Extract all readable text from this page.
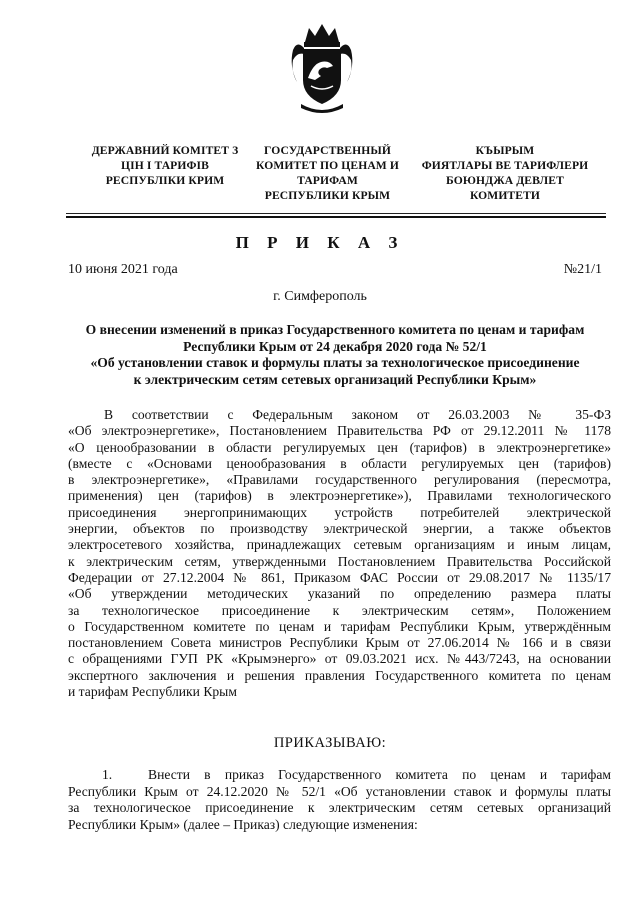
ДЕРЖАВНИЙ КОМІТЕТ З
ЦІН І ТАРИФІВ
РЕСПУБЛІКИ КРИМ
ГОСУДАРСТВЕННЫЙ
КОМИТЕТ ПО ЦЕНАМ И
ТАРИФАМ
РЕСПУБЛИКИ КРЫМ
КЪЫРЫМ
ФИЯТЛАРЫ ВЕ ТАРИФЛЕРИ
БОЮНДЖА ДЕВЛЕТ
КОМИТЕТИ
П Р И К А З
10 июня 2021 года	№21/1
г. Симферополь
О внесении изменений в приказ Государственного комитета по ценам и тарифам
Республики Крым от 24 декабря 2020 года № 52/1
«Об установлении ставок и формулы платы за технологическое присоединение
к электрическим сетям сетевых организаций Республики Крым»
В соответствии с Федеральным законом от 26.03.2003 № 35-ФЗ
«Об электроэнергетике», Постановлением Правительства РФ от 29.12.2011 № 1178
«О ценообразовании в области регулируемых цен (тарифов) в электроэнергетике»
(вместе с «Основами ценообразования в области регулируемых цен (тарифов)
в электроэнергетике», «Правилами государственного регулирования (пересмотра,
применения) цен (тарифов) в электроэнергетике»), Правилами технологического
присоединения энергопринимающих устройств потребителей электрической
энергии, объектов по производству электрической энергии, а также объектов
электросетевого хозяйства, принадлежащих сетевым организациям и иным лицам,
к электрическим сетям, утвержденными Постановлением Правительства Российской
Федерации от 27.12.2004 № 861, Приказом ФАС России от 29.08.2017 № 1135/17
«Об утверждении методических указаний по определению размера платы
за технологическое присоединение к электрическим сетям», Положением
о Государственном комитете по ценам и тарифам Республики Крым, утверждённым
постановлением Совета министров Республики Крым от 27.06.2014 № 166 и в связи
с обращениями ГУП РК «Крымэнерго» от 09.03.2021 исх. №443/7243, на основании
экспертного заключения и решения правления Государственного комитета по ценам
и тарифам Республики Крым
ПРИКАЗЫВАЮ:
1.	Внести в приказ Государственного комитета по ценам и тарифам
Республики Крым от 24.12.2020 № 52/1 «Об установлении ставок и формулы платы
за технологическое присоединение к электрическим сетям сетевых организаций
Республики Крым» (далее – Приказ) следующие изменения:
